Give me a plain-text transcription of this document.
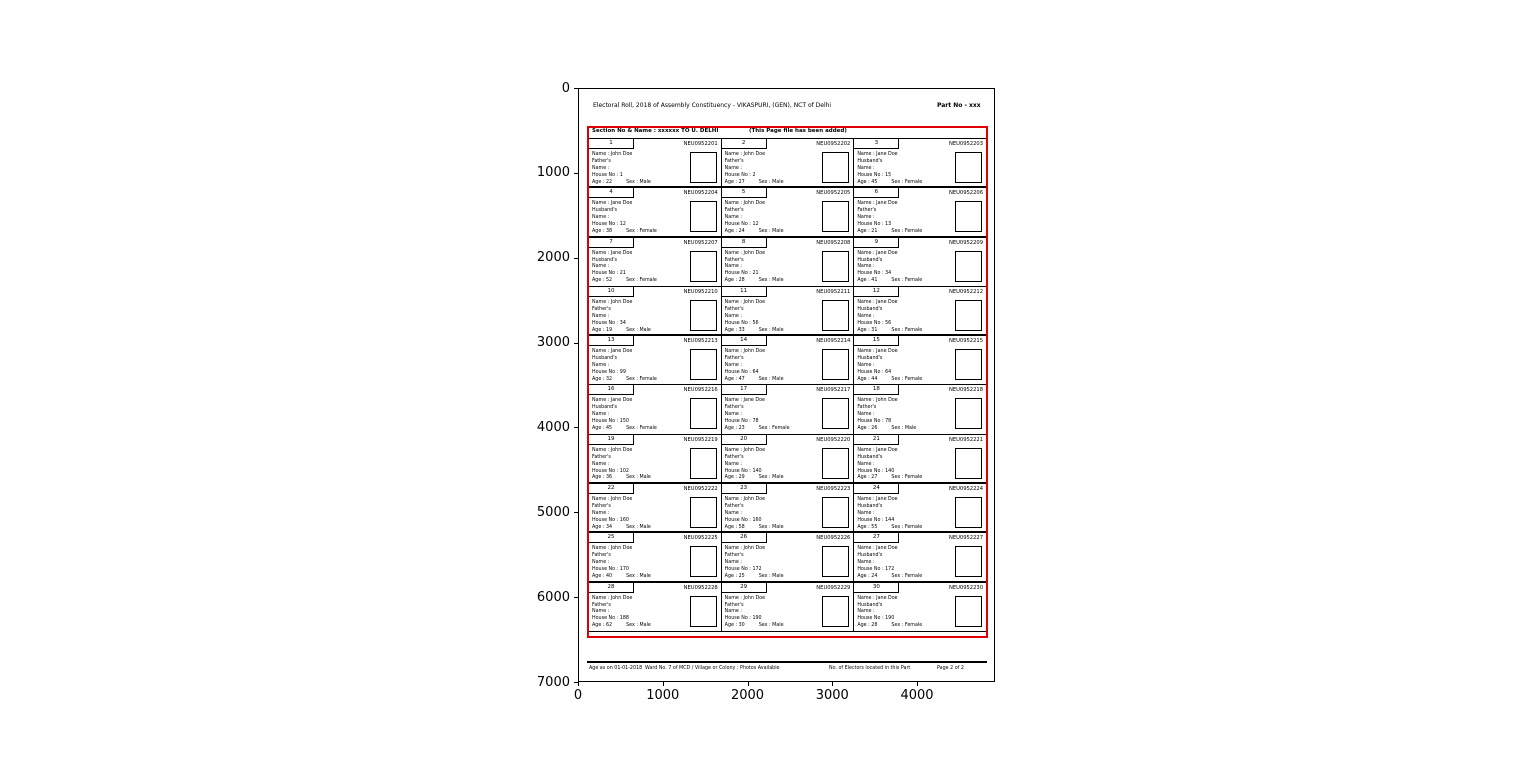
Electoral Roll, 2018 of Assembly Constituency - VIKASPURI, (GEN), NCT of Delhi	Part No - xxx
Section No & Name : xxxxxx TO U. DELHI	(This Page file has been added)
1	NEU0952201
Name : John Doe
Father's
Name :
House No : 1
Age : 22	Sex : Male
2	NEU0952202
Name : John Doe
Father's
Name :
House No : 2
Age : 27	Sex : Male
3	NEU0952203
Name : Jane Doe
Husband's
Name :
House No : 15
Age : 45	Sex : Female
4	NEU0952204
Name : Jane Doe
Husband's
Name :
House No : 12
Age : 38	Sex : Female
5	NEU0952205
Name : John Doe
Father's
Name :
House No : 12
Age : 24	Sex : Male
6	NEU0952206
Name : Jane Doe
Father's
Name :
House No : 13
Age : 21	Sex : Female
7	NEU0952207
Name : Jane Doe
Husband's
Name :
House No : 21
Age : 52	Sex : Female
8	NEU0952208
Name : John Doe
Father's
Name :
House No : 21
Age : 28	Sex : Male
9	NEU0952209
Name : Jane Doe
Husband's
Name :
House No : 34
Age : 41	Sex : Female
10	NEU0952210
Name : John Doe
Father's
Name :
House No : 34
Age : 19	Sex : Male
11	NEU0952211
Name : John Doe
Father's
Name :
House No : 56
Age : 33	Sex : Male
12	NEU0952212
Name : Jane Doe
Husband's
Name :
House No : 56
Age : 31	Sex : Female
13	NEU0952213
Name : Jane Doe
Husband's
Name :
House No : 99
Age : 32	Sex : Female
14	NEU0952214
Name : John Doe
Father's
Name :
House No : 64
Age : 47	Sex : Male
15	NEU0952215
Name : Jane Doe
Husband's
Name :
House No : 64
Age : 44	Sex : Female
16	NEU0952216
Name : Jane Doe
Husband's
Name :
House No : 150
Age : 45	Sex : Female
17	NEU0952217
Name : Jane Doe
Father's
Name :
House No : 78
Age : 23	Sex : Female
18	NEU0952218
Name : John Doe
Father's
Name :
House No : 78
Age : 26	Sex : Male
19	NEU0952219
Name : John Doe
Father's
Name :
House No : 102
Age : 36	Sex : Male
20	NEU0952220
Name : John Doe
Father's
Name :
House No : 140
Age : 29	Sex : Male
21	NEU0952221
Name : Jane Doe
Husband's
Name :
House No : 140
Age : 27	Sex : Female
22	NEU0952222
Name : John Doe
Father's
Name :
House No : 160
Age : 34	Sex : Male
23	NEU0952223
Name : John Doe
Father's
Name :
House No : 160
Age : 58	Sex : Male
24	NEU0952224
Name : Jane Doe
Husband's
Name :
House No : 144
Age : 55	Sex : Female
25	NEU0952225
Name : John Doe
Father's
Name :
House No : 170
Age : 40	Sex : Male
26	NEU0952226
Name : John Doe
Father's
Name :
House No : 172
Age : 25	Sex : Male
27	NEU0952227
Name : Jane Doe
Husband's
Name :
House No : 172
Age : 24	Sex : Female
28	NEU0952228
Name : John Doe
Father's
Name :
House No : 188
Age : 62	Sex : Male
29	NEU0952229
Name : John Doe
Father's
Name :
House No : 190
Age : 30	Sex : Male
30	NEU0952230
Name : Jane Doe
Husband's
Name :
House No : 190
Age : 28	Sex : Female
Age as on 01-01-2018 Ward No. 7 of MCD / Village or Colony : Photos Available	No. of Electors located in this Part	Page 2 of 2
0
1000
2000
3000
4000
5000
6000
7000
0	1000	2000	3000	4000
